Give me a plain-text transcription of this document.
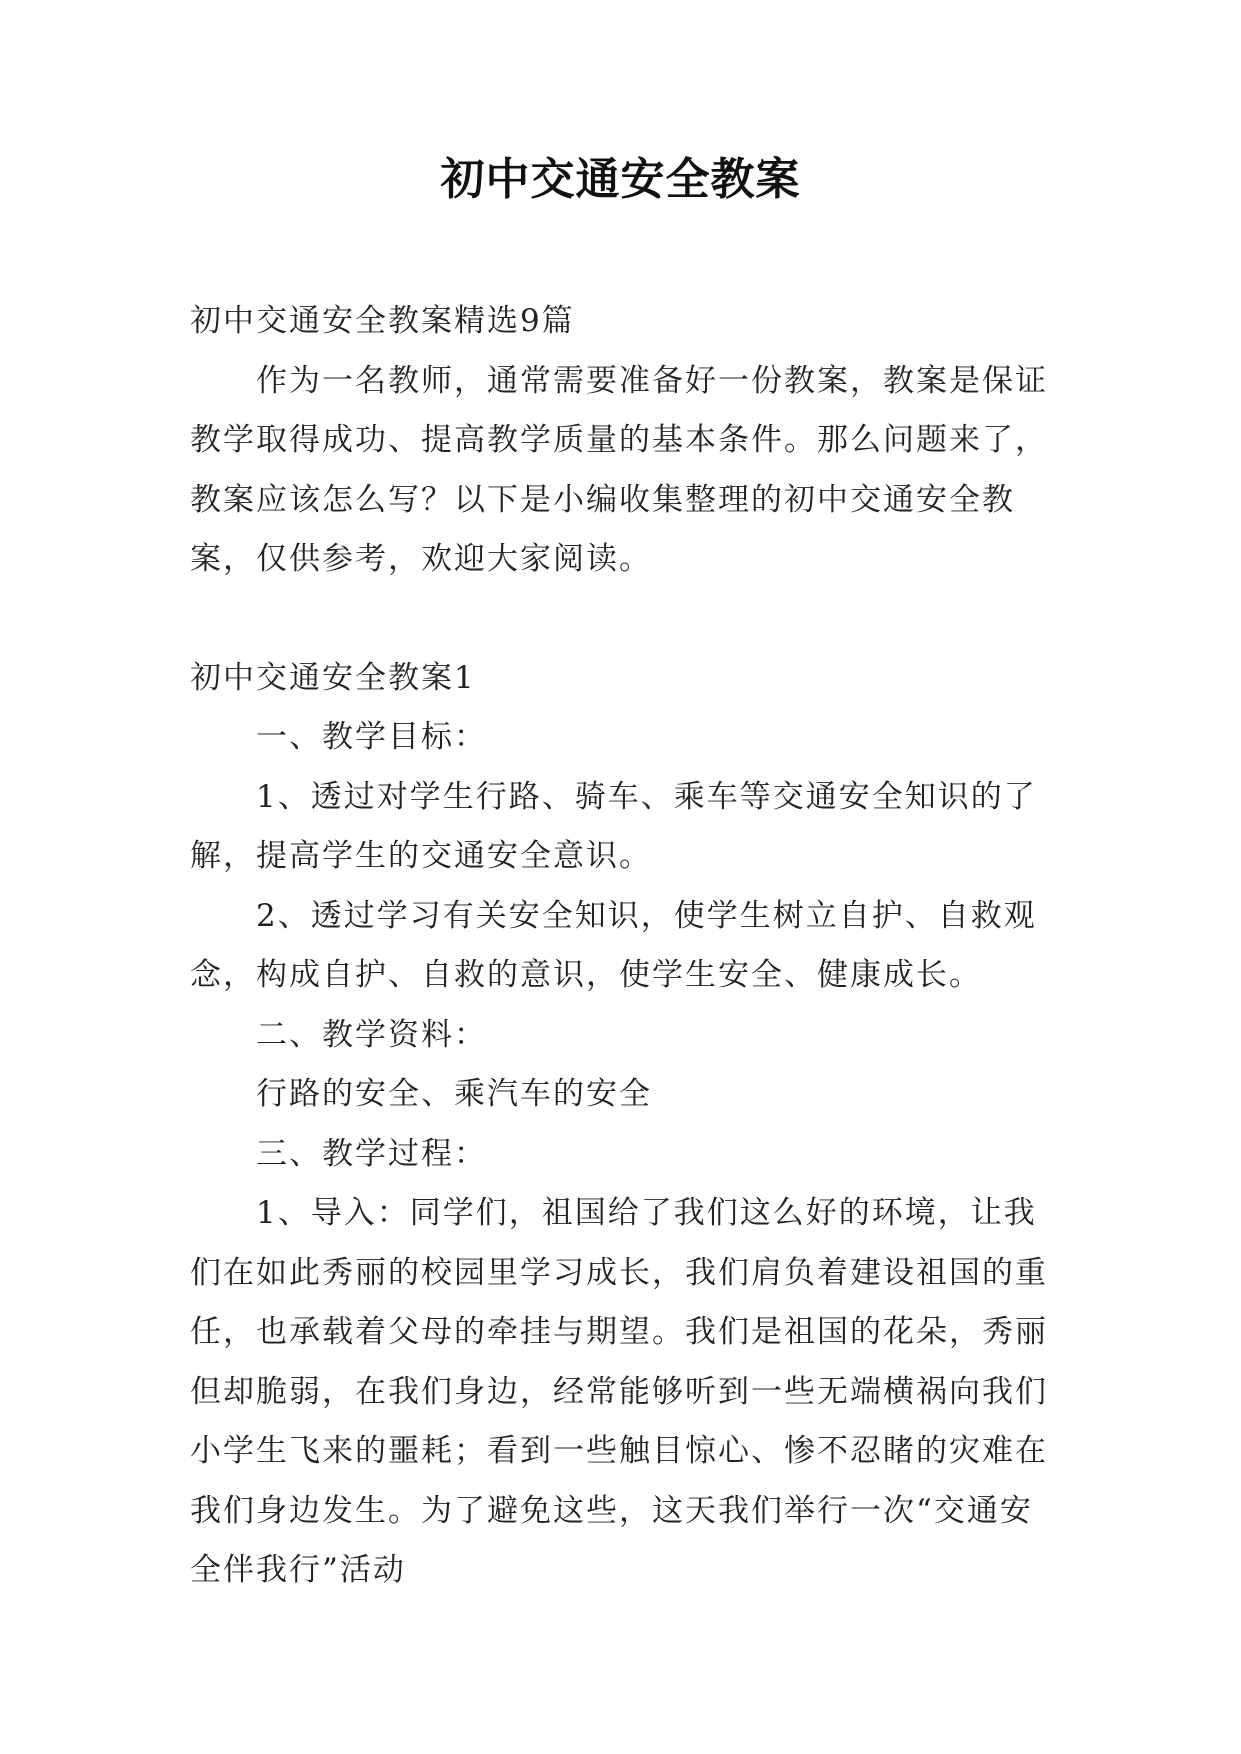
初中交通安全教案

初中交通安全教案精选9篇

作为一名教师，通常需要准备好一份教案，教案是保证教学取得成功、提高教学质量的基本条件。那么问题来了，教案应该怎么写？以下是小编收集整理的初中交通安全教案，仅供参考，欢迎大家阅读。

初中交通安全教案1

一、教学目标：

1、透过对学生行路、骑车、乘车等交通安全知识的了解，提高学生的交通安全意识。

2、透过学习有关安全知识，使学生树立自护、自救观念，构成自护、自救的意识，使学生安全、健康成长。

二、教学资料：

行路的安全、乘汽车的安全

三、教学过程：

1、导入：同学们，祖国给了我们这么好的环境，让我们在如此秀丽的校园里学习成长，我们肩负着建设祖国的重任，也承载着父母的牵挂与期望。我们是祖国的花朵，秀丽但却脆弱，在我们身边，经常能够听到一些无端横祸向我们小学生飞来的噩耗；看到一些触目惊心、惨不忍睹的灾难在我们身边发生。为了避免这些，这天我们举行一次“交通安全伴我行”活动
